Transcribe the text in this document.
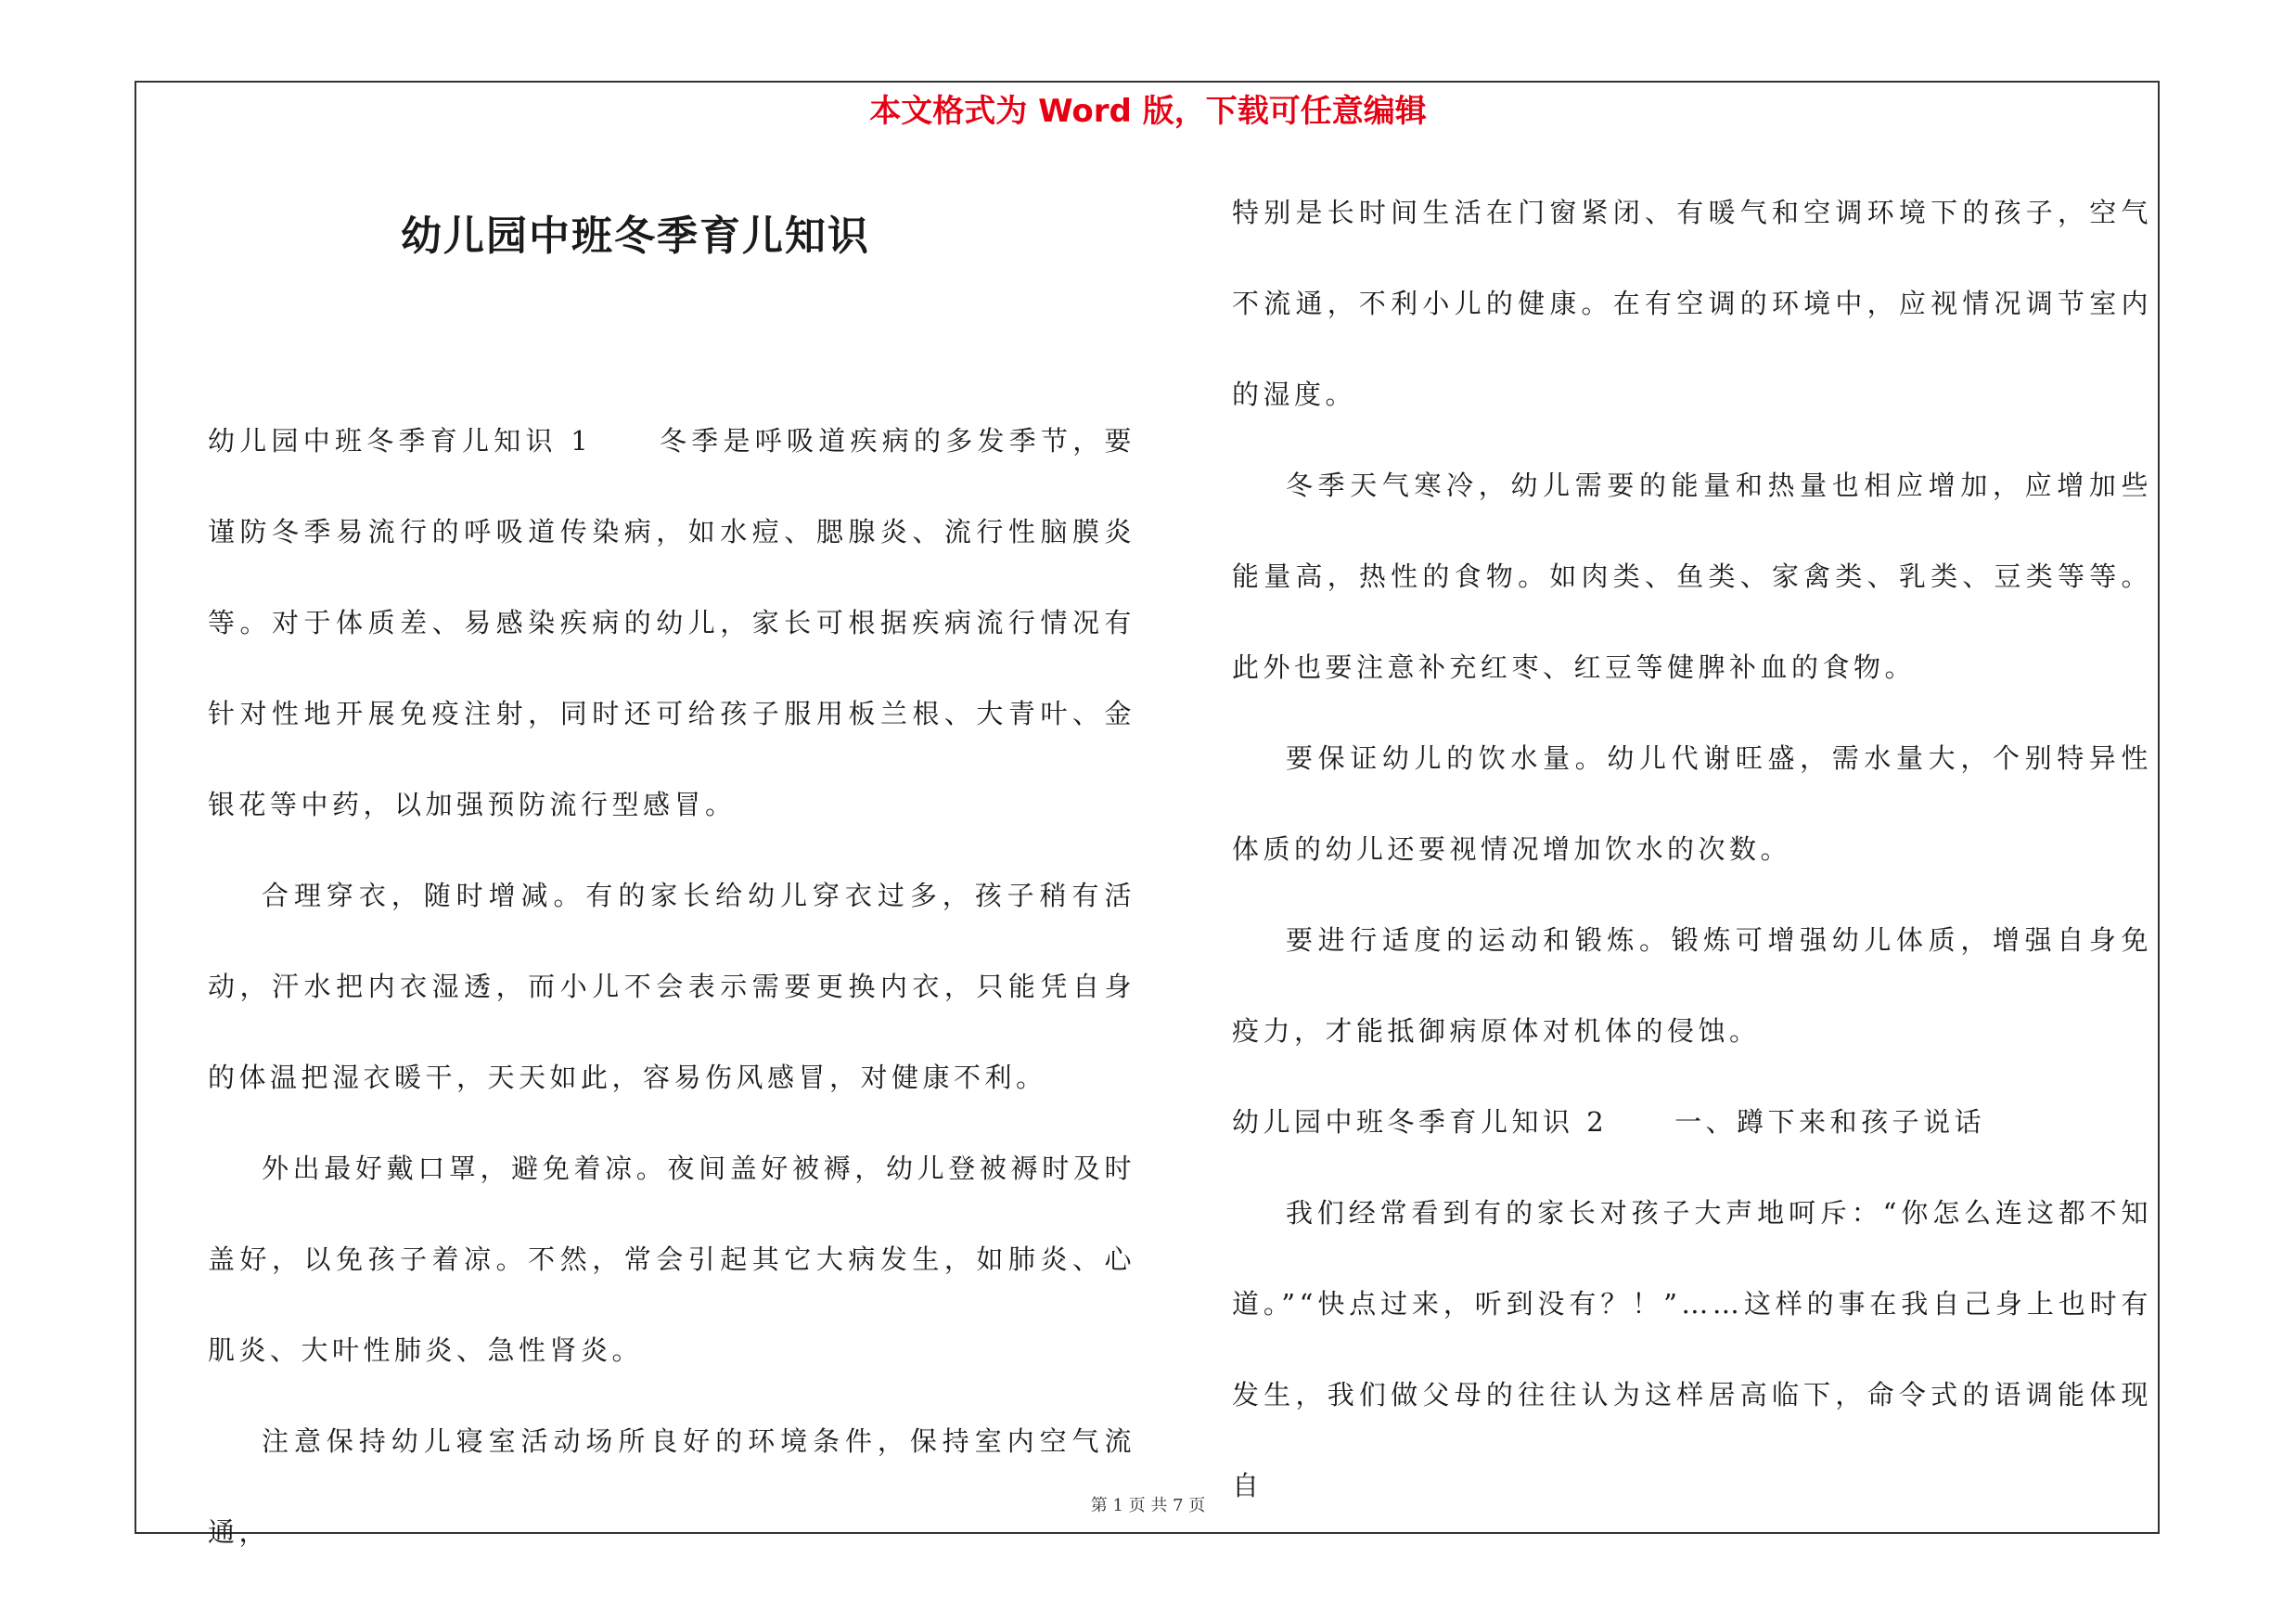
本文格式为 Word 版，下载可任意编辑
幼儿园中班冬季育儿知识

幼儿园中班冬季育儿知识 1 冬季是呼吸道疾病的多发季节，要谨防冬季易流行的呼吸道传染病，如水痘、腮腺炎、流行性脑膜炎等。对于体质差、易感染疾病的幼儿，家长可根据疾病流行情况有针对性地开展免疫注射，同时还可给孩子服用板兰根、大青叶、金银花等中药，以加强预防流行型感冒。

合理穿衣，随时增减。有的家长给幼儿穿衣过多，孩子稍有活动，汗水把内衣湿透，而小儿不会表示需要更换内衣，只能凭自身的体温把湿衣暖干，天天如此，容易伤风感冒，对健康不利。

外出最好戴口罩，避免着凉。夜间盖好被褥，幼儿登被褥时及时盖好，以免孩子着凉。不然，常会引起其它大病发生，如肺炎、心肌炎、大叶性肺炎、急性肾炎。

注意保持幼儿寝室活动场所良好的环境条件，保持室内空气流通，

特别是长时间生活在门窗紧闭、有暖气和空调环境下的孩子，空气不流通，不利小儿的健康。在有空调的环境中，应视情况调节室内的湿度。

冬季天气寒冷，幼儿需要的能量和热量也相应增加，应增加些能量高，热性的食物。如肉类、鱼类、家禽类、乳类、豆类等等。此外也要注意补充红枣、红豆等健脾补血的食物。

要保证幼儿的饮水量。幼儿代谢旺盛，需水量大，个别特异性体质的幼儿还要视情况增加饮水的次数。

要进行适度的运动和锻炼。锻炼可增强幼儿体质，增强自身免疫力，才能抵御病原体对机体的侵蚀。

幼儿园中班冬季育儿知识 2 一、蹲下来和孩子说话

我们经常看到有的家长对孩子大声地呵斥：“你怎么连这都不知道。”“快点过来，听到没有？！”……这样的事在我自己身上也时有发生，我们做父母的往往认为这样居高临下，命令式的语调能体现自

第 1 页 共 7 页
